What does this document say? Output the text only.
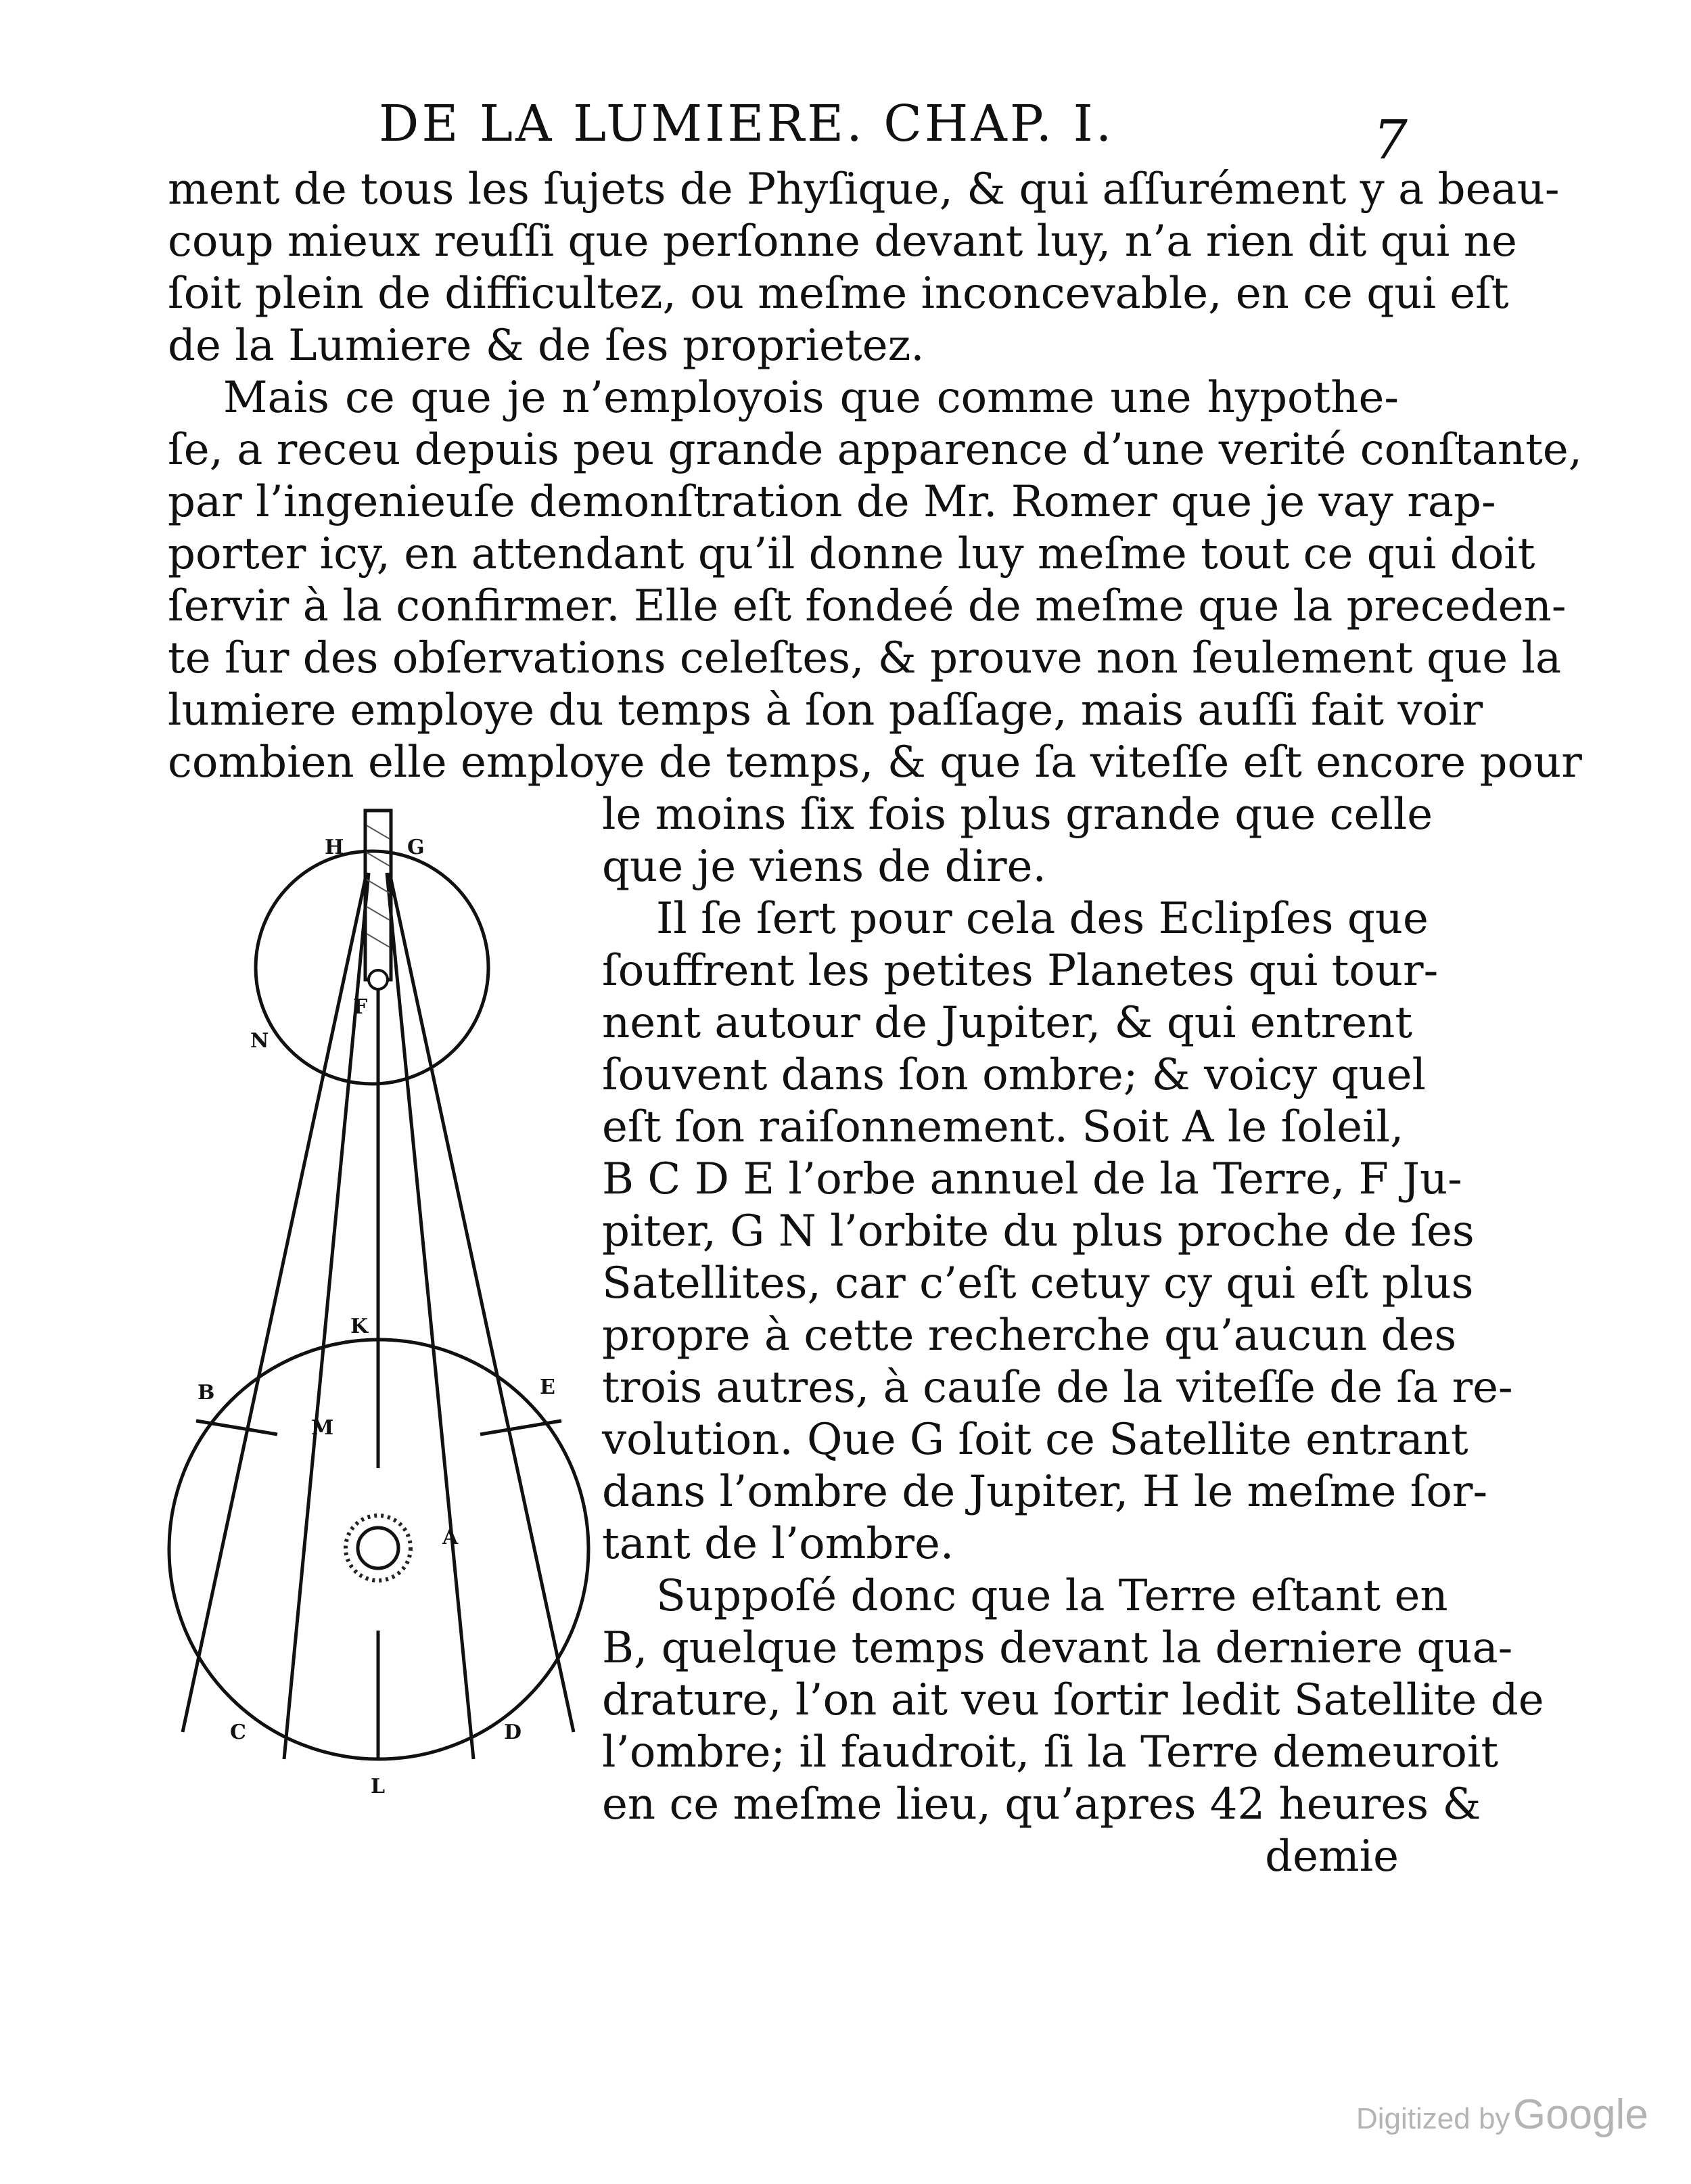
DE LA LUMIERE. CHAP. I.	7
ment de tous les ſujets de Phyſique, & qui aſſurément y a beau-
coup mieux reuſſi que perſonne devant luy, n’a rien dit qui ne
ſoit plein de difficultez, ou meſme inconcevable, en ce qui eſt
de la Lumiere & de ſes proprietez.
Mais ce que je n’employois que comme une hypothe-
ſe, a receu depuis peu grande apparence d’une verité conſtante,
par l’ingenieuſe demonſtration de Mr. Romer que je vay rap-
porter icy, en attendant qu’il donne luy meſme tout ce qui doit
ſervir à la confirmer. Elle eſt fondeé de meſme que la preceden-
te ſur des obſervations celeſtes, & prouve non ſeulement que la
lumiere employe du temps à ſon paſſage, mais auſſi fait voir
combien elle employe de temps, & que ſa viteſſe eſt encore pour
le moins ſix fois plus grande que celle
que je viens de dire.
Il ſe ſert pour cela des Eclipſes que
ſouffrent les petites Planetes qui tour-
nent autour de Jupiter, & qui entrent
ſouvent dans ſon ombre; & voicy quel
eſt ſon raiſonnement. Soit A le ſoleil,
B C D E l’orbe annuel de la Terre, F Ju-
piter, G N l’orbite du plus proche de ſes
Satellites, car c’eſt cetuy cy qui eſt plus
propre à cette recherche qu’aucun des
trois autres, à cauſe de la viteſſe de ſa re-
volution. Que G ſoit ce Satellite entrant
dans l’ombre de Jupiter, H le meſme ſor-
tant de l’ombre.
Suppoſé donc que la Terre eſtant en
B, quelque temps devant la derniere qua-
drature, l’on ait veu ſortir ledit Satellite de
l’ombre; il faudroit, ſi la Terre demeuroit
en ce meſme lieu, qu’apres 42 heures &
demie
H	G
N
F
K
B
M
E
A
C	D
L
Digitized by Google
